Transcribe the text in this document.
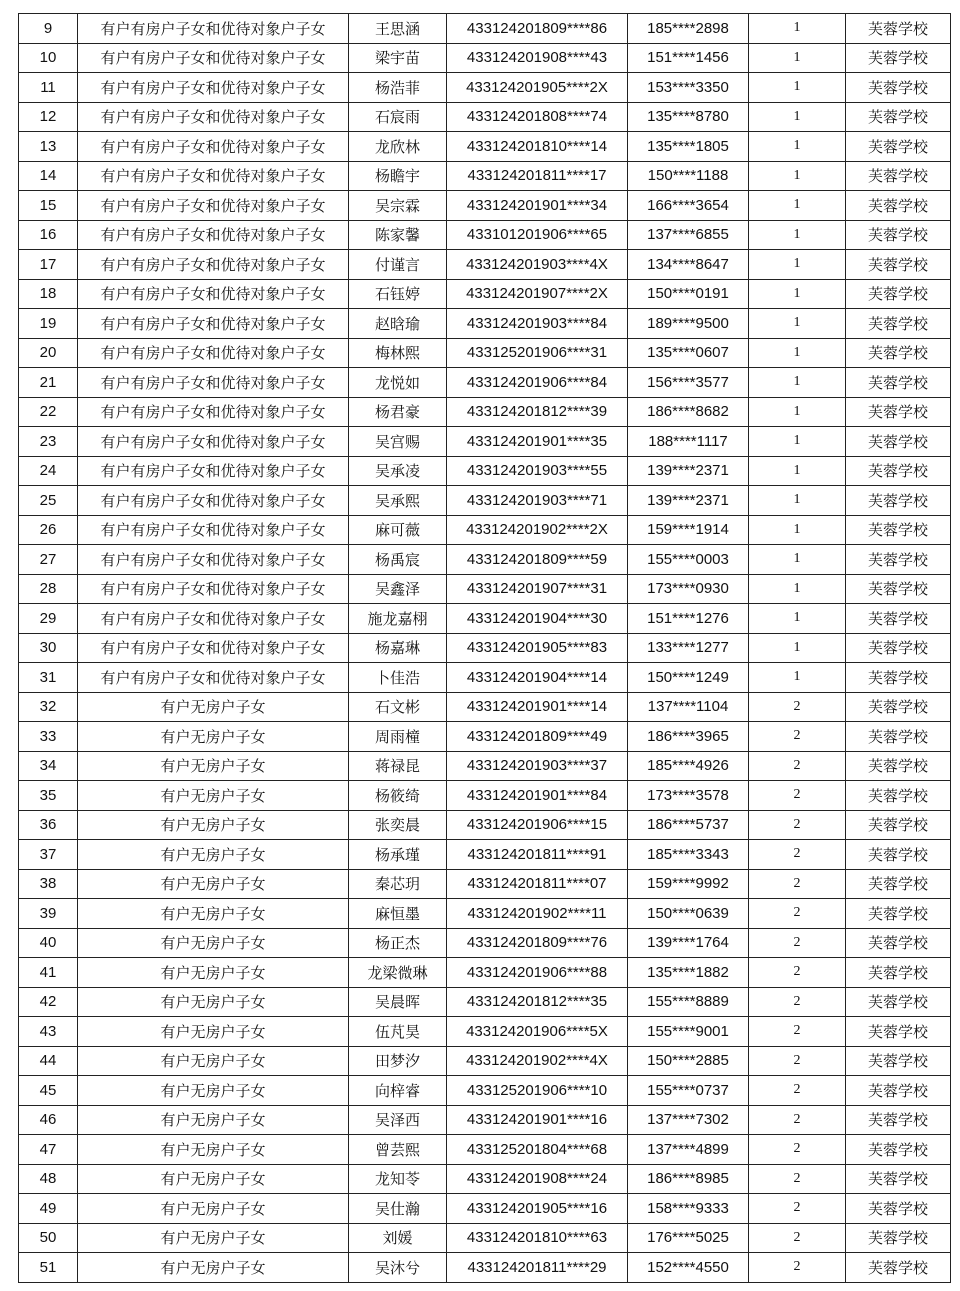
9	有户有房户子女和优待对象户子女	王思涵	433124201809****86	185****2898	1	芙蓉学校
10	有户有房户子女和优待对象户子女	梁宇苗	433124201908****43	151****1456	1	芙蓉学校
11	有户有房户子女和优待对象户子女	杨浩菲	433124201905****2X	153****3350	1	芙蓉学校
12	有户有房户子女和优待对象户子女	石宸雨	433124201808****74	135****8780	1	芙蓉学校
13	有户有房户子女和优待对象户子女	龙欣林	433124201810****14	135****1805	1	芙蓉学校
14	有户有房户子女和优待对象户子女	杨瞻宇	433124201811****17	150****1188	1	芙蓉学校
15	有户有房户子女和优待对象户子女	吴宗霖	433124201901****34	166****3654	1	芙蓉学校
16	有户有房户子女和优待对象户子女	陈家馨	433101201906****65	137****6855	1	芙蓉学校
17	有户有房户子女和优待对象户子女	付谨言	433124201903****4X	134****8647	1	芙蓉学校
18	有户有房户子女和优待对象户子女	石钰婷	433124201907****2X	150****0191	1	芙蓉学校
19	有户有房户子女和优待对象户子女	赵晗瑜	433124201903****84	189****9500	1	芙蓉学校
20	有户有房户子女和优待对象户子女	梅林熙	433125201906****31	135****0607	1	芙蓉学校
21	有户有房户子女和优待对象户子女	龙悦如	433124201906****84	156****3577	1	芙蓉学校
22	有户有房户子女和优待对象户子女	杨君豪	433124201812****39	186****8682	1	芙蓉学校
23	有户有房户子女和优待对象户子女	吴宫赐	433124201901****35	188****1117	1	芙蓉学校
24	有户有房户子女和优待对象户子女	吴承凌	433124201903****55	139****2371	1	芙蓉学校
25	有户有房户子女和优待对象户子女	吴承熙	433124201903****71	139****2371	1	芙蓉学校
26	有户有房户子女和优待对象户子女	麻可薇	433124201902****2X	159****1914	1	芙蓉学校
27	有户有房户子女和优待对象户子女	杨禹宸	433124201809****59	155****0003	1	芙蓉学校
28	有户有房户子女和优待对象户子女	吴鑫泽	433124201907****31	173****0930	1	芙蓉学校
29	有户有房户子女和优待对象户子女	施龙嘉栩	433124201904****30	151****1276	1	芙蓉学校
30	有户有房户子女和优待对象户子女	杨嘉琳	433124201905****83	133****1277	1	芙蓉学校
31	有户有房户子女和优待对象户子女	卜佳浩	433124201904****14	150****1249	1	芙蓉学校
32	有户无房户子女	石文彬	433124201901****14	137****1104	2	芙蓉学校
33	有户无房户子女	周雨橦	433124201809****49	186****3965	2	芙蓉学校
34	有户无房户子女	蒋禄昆	433124201903****37	185****4926	2	芙蓉学校
35	有户无房户子女	杨筱绮	433124201901****84	173****3578	2	芙蓉学校
36	有户无房户子女	张奕晨	433124201906****15	186****5737	2	芙蓉学校
37	有户无房户子女	杨承瑾	433124201811****91	185****3343	2	芙蓉学校
38	有户无房户子女	秦芯玥	433124201811****07	159****9992	2	芙蓉学校
39	有户无房户子女	麻恒墨	433124201902****11	150****0639	2	芙蓉学校
40	有户无房户子女	杨正杰	433124201809****76	139****1764	2	芙蓉学校
41	有户无房户子女	龙梁微琳	433124201906****88	135****1882	2	芙蓉学校
42	有户无房户子女	吴晨晖	433124201812****35	155****8889	2	芙蓉学校
43	有户无房户子女	伍芃昊	433124201906****5X	155****9001	2	芙蓉学校
44	有户无房户子女	田梦汐	433124201902****4X	150****2885	2	芙蓉学校
45	有户无房户子女	向梓睿	433125201906****10	155****0737	2	芙蓉学校
46	有户无房户子女	吴泽西	433124201901****16	137****7302	2	芙蓉学校
47	有户无房户子女	曾芸熙	433125201804****68	137****4899	2	芙蓉学校
48	有户无房户子女	龙知苓	433124201908****24	186****8985	2	芙蓉学校
49	有户无房户子女	吴仕瀚	433124201905****16	158****9333	2	芙蓉学校
50	有户无房户子女	刘媛	433124201810****63	176****5025	2	芙蓉学校
51	有户无房户子女	吴沐兮	433124201811****29	152****4550	2	芙蓉学校
